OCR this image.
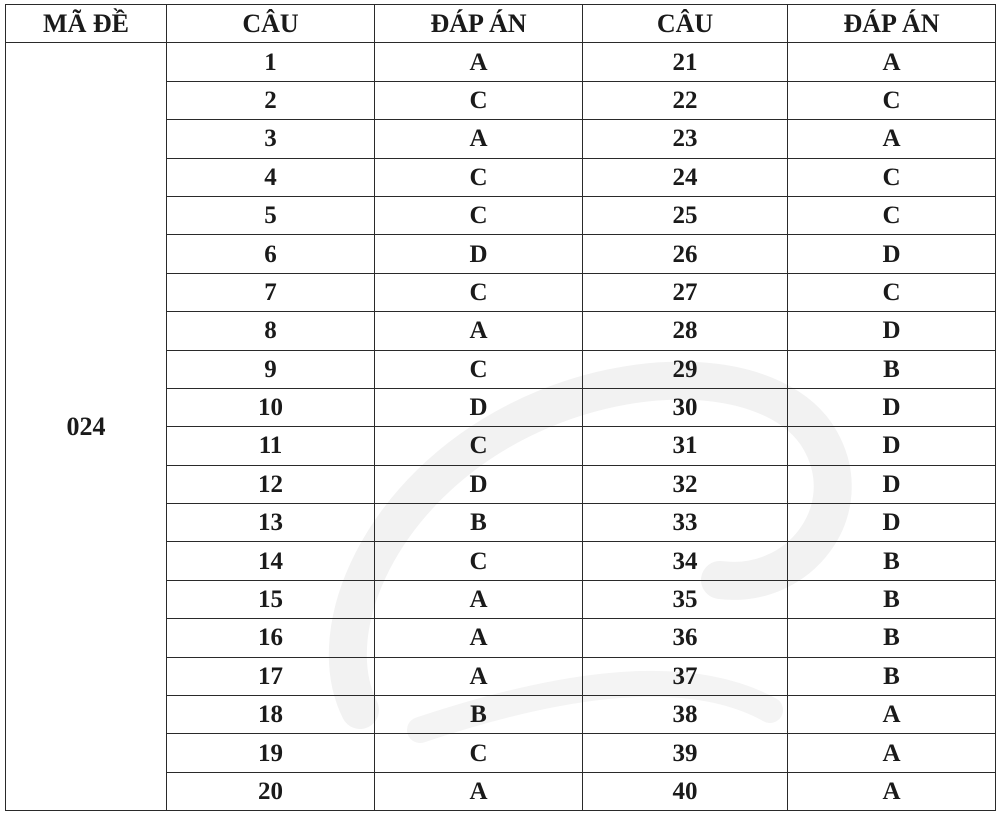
MÃ ĐỀ	CÂU	ĐÁP ÁN	CÂU	ĐÁP ÁN
024	1	A	21	A
	2	C	22	C
	3	A	23	A
	4	C	24	C
	5	C	25	C
	6	D	26	D
	7	C	27	C
	8	A	28	D
	9	C	29	B
	10	D	30	D
	11	C	31	D
	12	D	32	D
	13	B	33	D
	14	C	34	B
	15	A	35	B
	16	A	36	B
	17	A	37	B
	18	B	38	A
	19	C	39	A
	20	A	40	A
